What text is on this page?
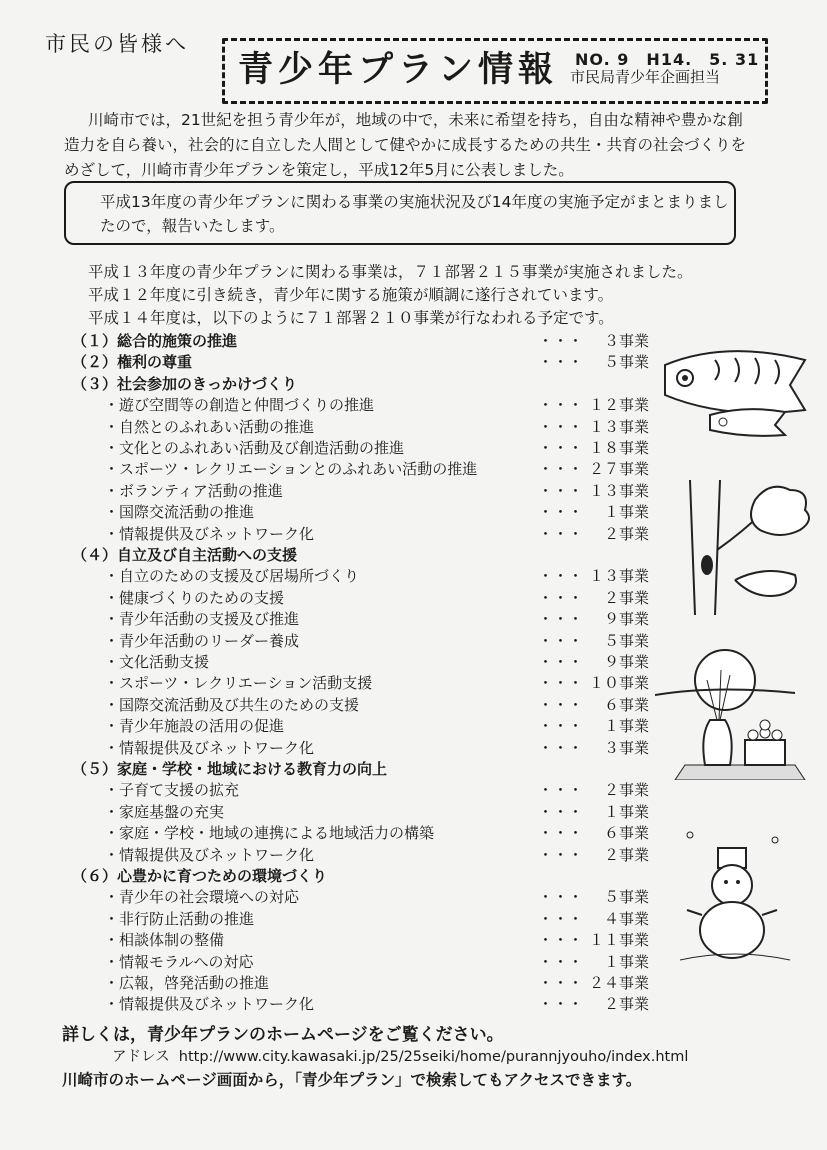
市民の皆様へ
青少年プラン情報 NO. 9　H14.　5. 31
市民局青少年企画担当
川崎市では，21世紀を担う青少年が，地域の中で，未来に希望を持ち，自由な精神や豊かな創造力を自ら養い，社会的に自立した人間として健やかに成長するための共生・共育の社会づくりをめざして，川崎市青少年プランを策定し，平成12年5月に公表しました。
平成13年度の青少年プランに関わる事業の実施状況及び14年度の実施予定がまとまりましたので，報告いたします。
平成１３年度の青少年プランに関わる事業は，７１部署２１５事業が実施されました。
平成１２年度に引き続き，青少年に関する施策が順調に遂行されています。
平成１４年度は，以下のように７１部署２１０事業が行なわれる予定です。
（１）総合的施策の推進	・・・ ３事業
（２）権利の尊重	・・・ ５事業
（３）社会参加のきっかけづくり
・遊び空間等の創造と仲間づくりの推進	・・・ １２事業
・自然とのふれあい活動の推進	・・・ １３事業
・文化とのふれあい活動及び創造活動の推進	・・・ １８事業
・スポーツ・レクリエーションとのふれあい活動の推進	・・・ ２７事業
・ボランティア活動の推進	・・・ １３事業
・国際交流活動の推進	・・・ １事業
・情報提供及びネットワーク化	・・・ ２事業
（４）自立及び自主活動への支援
・自立のための支援及び居場所づくり	・・・ １３事業
・健康づくりのための支援	・・・ ２事業
・青少年活動の支援及び推進	・・・ ９事業
・青少年活動のリーダー養成	・・・ ５事業
・文化活動支援	・・・ ９事業
・スポーツ・レクリエーション活動支援	・・・ １０事業
・国際交流活動及び共生のための支援	・・・ ６事業
・青少年施設の活用の促進	・・・ １事業
・情報提供及びネットワーク化	・・・ ３事業
（５）家庭・学校・地域における教育力の向上
・子育て支援の拡充	・・・ ２事業
・家庭基盤の充実	・・・ １事業
・家庭・学校・地域の連携による地域活力の構築	・・・ ６事業
・情報提供及びネットワーク化	・・・ ２事業
（６）心豊かに育つための環境づくり
・青少年の社会環境への対応	・・・ ５事業
・非行防止活動の推進	・・・ ４事業
・相談体制の整備	・・・ １１事業
・情報モラルへの対応	・・・ １事業
・広報，啓発活動の推進	・・・ ２４事業
・情報提供及びネットワーク化	・・・ ２事業
詳しくは，青少年プランのホームページをご覧ください。
アドレス http://www.city.kawasaki.jp/25/25seiki/home/purannjyouho/index.html
川崎市のホームページ画面から，「青少年プラン」で検索してもアクセスできます。
